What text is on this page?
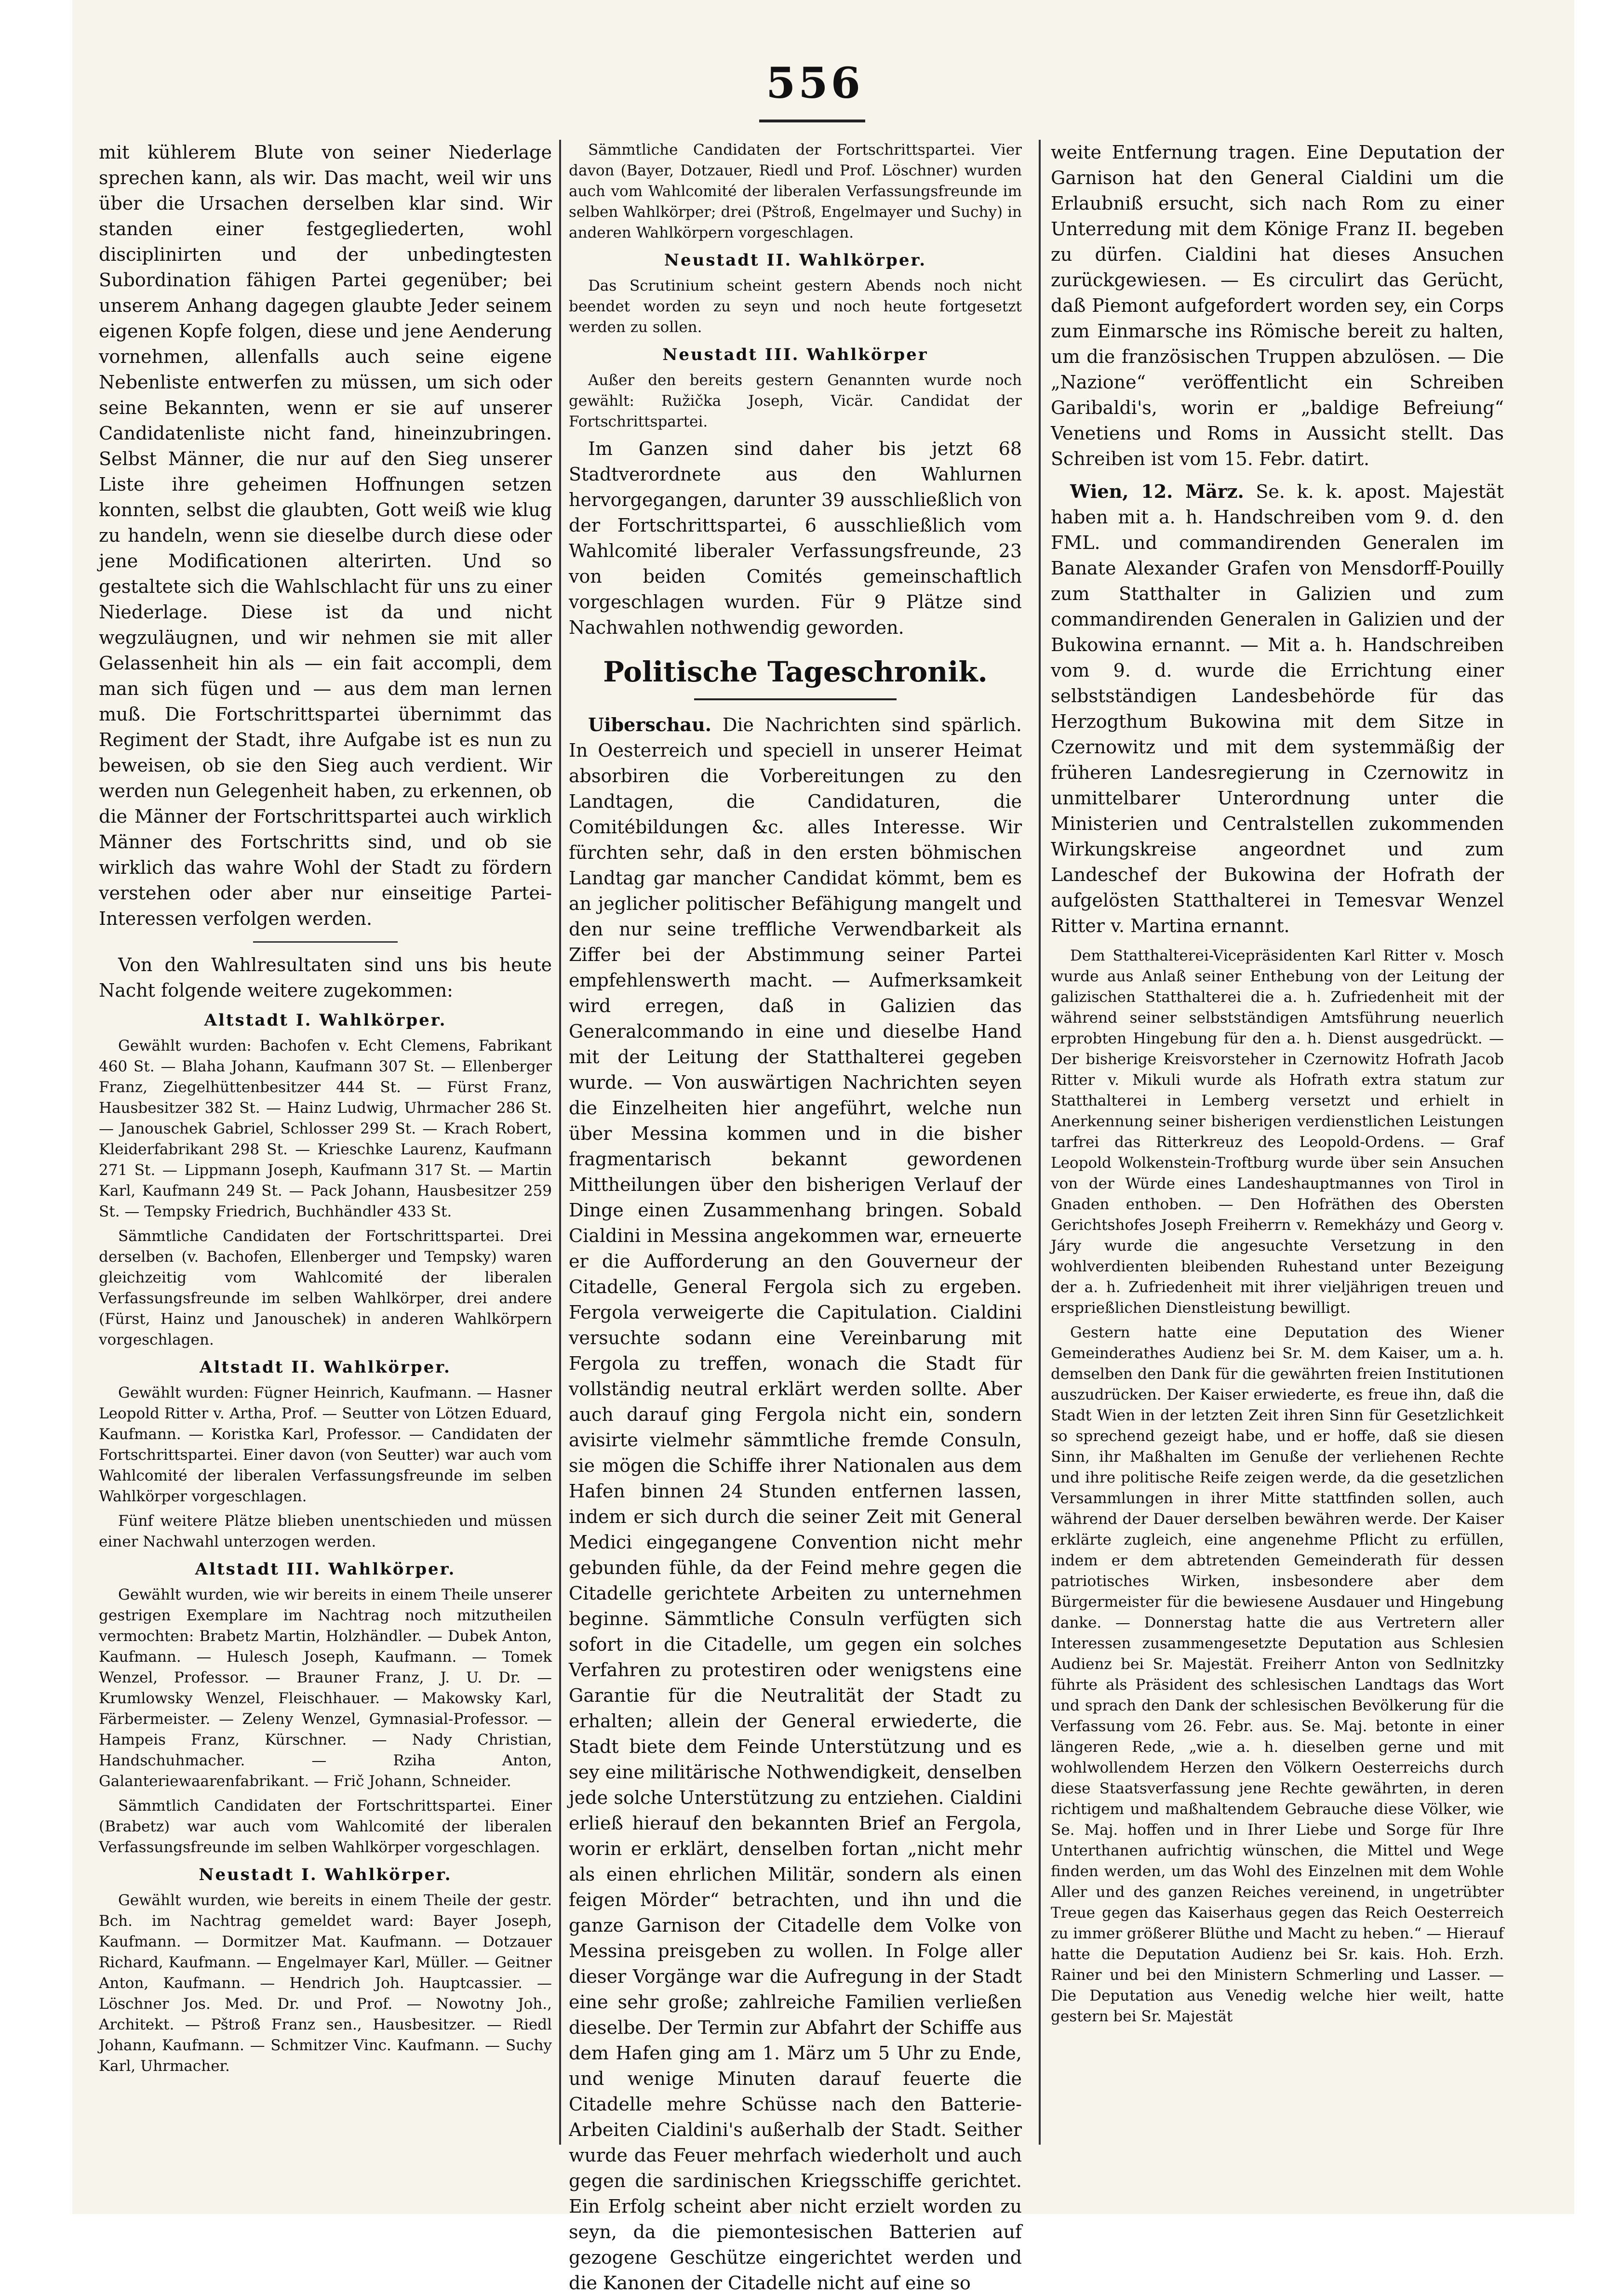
556

mit kühlerem Blute von seiner Niederlage sprechen kann, als wir. Das macht, weil wir uns über die Ursachen derselben klar sind. Wir standen einer festgegliederten, wohl disciplinirten und der unbedingtesten Subordination fähigen Partei gegenüber; bei unserem Anhang dagegen glaubte Jeder seinem eigenen Kopfe folgen, diese und jene Aenderung vornehmen, allenfalls auch seine eigene Nebenliste entwerfen zu müssen, um sich oder seine Bekannten, wenn er sie auf unserer Candidatenliste nicht fand, hineinzubringen. Selbst Männer, die nur auf den Sieg unserer Liste ihre geheimen Hoffnungen setzen konnten, selbst die glaubten, Gott weiß wie klug zu handeln, wenn sie dieselbe durch diese oder jene Modificationen alterirten. Und so gestaltete sich die Wahlschlacht für uns zu einer Niederlage. Diese ist da und nicht wegzuläugnen, und wir nehmen sie mit aller Gelassenheit hin als — ein fait accompli, dem man sich fügen und — aus dem man lernen muß. Die Fortschrittspartei übernimmt das Regiment der Stadt, ihre Aufgabe ist es nun zu beweisen, ob sie den Sieg auch verdient. Wir werden nun Gelegenheit haben, zu erkennen, ob die Männer der Fortschrittspartei auch wirklich Männer des Fortschritts sind, und ob sie wirklich das wahre Wohl der Stadt zu fördern verstehen oder aber nur einseitige Partei-Interessen verfolgen werden.

Von den Wahlresultaten sind uns bis heute Nacht folgende weitere zugekommen:

Altstadt I. Wahlkörper.

Gewählt wurden: Bachofen v. Echt Clemens, Fabrikant 460 St. — Blaha Johann, Kaufmann 307 St. — Ellenberger Franz, Ziegelhüttenbesitzer 444 St. — Fürst Franz, Hausbesitzer 382 St. — Hainz Ludwig, Uhrmacher 286 St. — Janouschek Gabriel, Schlosser 299 St. — Krach Robert, Kleiderfabrikant 298 St. — Krieschke Laurenz, Kaufmann 271 St. — Lippmann Joseph, Kaufmann 317 St. — Martin Karl, Kaufmann 249 St. — Pack Johann, Hausbesitzer 259 St. — Tempsky Friedrich, Buchhändler 433 St.

Sämmtliche Candidaten der Fortschrittspartei. Drei derselben (v. Bachofen, Ellenberger und Tempsky) waren gleichzeitig vom Wahlcomité der liberalen Verfassungsfreunde im selben Wahlkörper, drei andere (Fürst, Hainz und Janouschek) in anderen Wahlkörpern vorgeschlagen.

Altstadt II. Wahlkörper.

Gewählt wurden: Fügner Heinrich, Kaufmann. — Hasner Leopold Ritter v. Artha, Prof. — Seutter von Lötzen Eduard, Kaufmann. — Koristka Karl, Professor. — Candidaten der Fortschrittspartei. Einer davon (von Seutter) war auch vom Wahlcomité der liberalen Verfassungsfreunde im selben Wahlkörper vorgeschlagen.

Fünf weitere Plätze blieben unentschieden und müssen einer Nachwahl unterzogen werden.

Altstadt III. Wahlkörper.

Gewählt wurden, wie wir bereits in einem Theile unserer gestrigen Exemplare im Nachtrag noch mitzutheilen vermochten: Brabetz Martin, Holzhändler. — Dubek Anton, Kaufmann. — Hulesch Joseph, Kaufmann. — Tomek Wenzel, Professor. — Brauner Franz, J. U. Dr. — Krumlowsky Wenzel, Fleischhauer. — Makowsky Karl, Färbermeister. — Zeleny Wenzel, Gymnasial-Professor. — Hampeis Franz, Kürschner. — Nady Christian, Handschuhmacher. — Rziha Anton, Galanteriewaarenfabrikant. — Frič Johann, Schneider.

Sämmtlich Candidaten der Fortschrittspartei. Einer (Brabetz) war auch vom Wahlcomité der liberalen Verfassungsfreunde im selben Wahlkörper vorgeschlagen.

Neustadt I. Wahlkörper.

Gewählt wurden, wie bereits in einem Theile der gestr. Bch. im Nachtrag gemeldet ward: Bayer Joseph, Kaufmann. — Dormitzer Mat. Kaufmann. — Dotzauer Richard, Kaufmann. — Engelmayer Karl, Müller. — Geitner Anton, Kaufmann. — Hendrich Joh. Hauptcassier. — Löschner Jos. Med. Dr. und Prof. — Nowotny Joh., Architekt. — Pštroß Franz sen., Hausbesitzer. — Riedl Johann, Kaufmann. — Schmitzer Vinc. Kaufmann. — Suchy Karl, Uhrmacher.

Sämmtliche Candidaten der Fortschrittspartei. Vier davon (Bayer, Dotzauer, Riedl und Prof. Löschner) wurden auch vom Wahlcomité der liberalen Verfassungsfreunde im selben Wahlkörper; drei (Pštroß, Engelmayer und Suchy) in anderen Wahlkörpern vorgeschlagen.

Neustadt II. Wahlkörper.

Das Scrutinium scheint gestern Abends noch nicht beendet worden zu seyn und noch heute fortgesetzt werden zu sollen.

Neustadt III. Wahlkörper

Außer den bereits gestern Genannten wurde noch gewählt: Ružička Joseph, Vicär. Candidat der Fortschrittspartei.

Im Ganzen sind daher bis jetzt 68 Stadtverordnete aus den Wahlurnen hervorgegangen, darunter 39 ausschließlich von der Fortschrittspartei, 6 ausschließlich vom Wahlcomité liberaler Verfassungsfreunde, 23 von beiden Comités gemeinschaftlich vorgeschlagen wurden. Für 9 Plätze sind Nachwahlen nothwendig geworden.

Politische Tageschronik.

Uiberschau. Die Nachrichten sind spärlich. In Oesterreich und speciell in unserer Heimat absorbiren die Vorbereitungen zu den Landtagen, die Candidaturen, die Comitébildungen &c. alles Interesse. Wir fürchten sehr, daß in den ersten böhmischen Landtag gar mancher Candidat kömmt, bem es an jeglicher politischer Befähigung mangelt und den nur seine treffliche Verwendbarkeit als Ziffer bei der Abstimmung seiner Partei empfehlenswerth macht. — Aufmerksamkeit wird erregen, daß in Galizien das Generalcommando in eine und dieselbe Hand mit der Leitung der Statthalterei gegeben wurde. — Von auswärtigen Nachrichten seyen die Einzelheiten hier angeführt, welche nun über Messina kommen und in die bisher fragmentarisch bekannt gewordenen Mittheilungen über den bisherigen Verlauf der Dinge einen Zusammenhang bringen. Sobald Cialdini in Messina angekommen war, erneuerte er die Aufforderung an den Gouverneur der Citadelle, General Fergola sich zu ergeben. Fergola verweigerte die Capitulation. Cialdini versuchte sodann eine Vereinbarung mit Fergola zu treffen, wonach die Stadt für vollständig neutral erklärt werden sollte. Aber auch darauf ging Fergola nicht ein, sondern avisirte vielmehr sämmtliche fremde Consuln, sie mögen die Schiffe ihrer Nationalen aus dem Hafen binnen 24 Stunden entfernen lassen, indem er sich durch die seiner Zeit mit General Medici eingegangene Convention nicht mehr gebunden fühle, da der Feind mehre gegen die Citadelle gerichtete Arbeiten zu unternehmen beginne. Sämmtliche Consuln verfügten sich sofort in die Citadelle, um gegen ein solches Verfahren zu protestiren oder wenigstens eine Garantie für die Neutralität der Stadt zu erhalten; allein der General erwiederte, die Stadt biete dem Feinde Unterstützung und es sey eine militärische Nothwendigkeit, denselben jede solche Unterstützung zu entziehen. Cialdini erließ hierauf den bekannten Brief an Fergola, worin er erklärt, denselben fortan „nicht mehr als einen ehrlichen Militär, sondern als einen feigen Mörder“ betrachten, und ihn und die ganze Garnison der Citadelle dem Volke von Messina preisgeben zu wollen. In Folge aller dieser Vorgänge war die Aufregung in der Stadt eine sehr große; zahlreiche Familien verließen dieselbe. Der Termin zur Abfahrt der Schiffe aus dem Hafen ging am 1. März um 5 Uhr zu Ende, und wenige Minuten darauf feuerte die Citadelle mehre Schüsse nach den Batterie-Arbeiten Cialdini's außerhalb der Stadt. Seither wurde das Feuer mehrfach wiederholt und auch gegen die sardinischen Kriegsschiffe gerichtet. Ein Erfolg scheint aber nicht erzielt worden zu seyn, da die piemontesischen Batterien auf gezogene Geschütze eingerichtet werden und die Kanonen der Citadelle nicht auf eine so

weite Entfernung tragen. Eine Deputation der Garnison hat den General Cialdini um die Erlaubniß ersucht, sich nach Rom zu einer Unterredung mit dem Könige Franz II. begeben zu dürfen. Cialdini hat dieses Ansuchen zurückgewiesen. — Es circulirt das Gerücht, daß Piemont aufgefordert worden sey, ein Corps zum Einmarsche ins Römische bereit zu halten, um die französischen Truppen abzulösen. — Die „Nazione“ veröffentlicht ein Schreiben Garibaldi's, worin er „baldige Befreiung“ Venetiens und Roms in Aussicht stellt. Das Schreiben ist vom 15. Febr. datirt.

Wien, 12. März. Se. k. k. apost. Majestät haben mit a. h. Handschreiben vom 9. d. den FML. und commandirenden Generalen im Banate Alexander Grafen von Mensdorff-Pouilly zum Statthalter in Galizien und zum commandirenden Generalen in Galizien und der Bukowina ernannt. — Mit a. h. Handschreiben vom 9. d. wurde die Errichtung einer selbstständigen Landesbehörde für das Herzogthum Bukowina mit dem Sitze in Czernowitz und mit dem systemmäßig der früheren Landesregierung in Czernowitz in unmittelbarer Unterordnung unter die Ministerien und Centralstellen zukommenden Wirkungskreise angeordnet und zum Landeschef der Bukowina der Hofrath der aufgelösten Statthalterei in Temesvar Wenzel Ritter v. Martina ernannt.

Dem Statthalterei-Vicepräsidenten Karl Ritter v. Mosch wurde aus Anlaß seiner Enthebung von der Leitung der galizischen Statthalterei die a. h. Zufriedenheit mit der während seiner selbstständigen Amtsführung neuerlich erprobten Hingebung für den a. h. Dienst ausgedrückt. — Der bisherige Kreisvorsteher in Czernowitz Hofrath Jacob Ritter v. Mikuli wurde als Hofrath extra statum zur Statthalterei in Lemberg versetzt und erhielt in Anerkennung seiner bisherigen verdienstlichen Leistungen tarfrei das Ritterkreuz des Leopold-Ordens. — Graf Leopold Wolkenstein-Troftburg wurde über sein Ansuchen von der Würde eines Landeshauptmannes von Tirol in Gnaden enthoben. — Den Hofräthen des Obersten Gerichtshofes Joseph Freiherrn v. Remekházy und Georg v. Járy wurde die angesuchte Versetzung in den wohlverdienten bleibenden Ruhestand unter Bezeigung der a. h. Zufriedenheit mit ihrer vieljährigen treuen und ersprießlichen Dienstleistung bewilligt.

Gestern hatte eine Deputation des Wiener Gemeinderathes Audienz bei Sr. M. dem Kaiser, um a. h. demselben den Dank für die gewährten freien Institutionen auszudrücken. Der Kaiser erwiederte, es freue ihn, daß die Stadt Wien in der letzten Zeit ihren Sinn für Gesetzlichkeit so sprechend gezeigt habe, und er hoffe, daß sie diesen Sinn, ihr Maßhalten im Genuße der verliehenen Rechte und ihre politische Reife zeigen werde, da die gesetzlichen Versammlungen in ihrer Mitte stattfinden sollen, auch während der Dauer derselben bewähren werde. Der Kaiser erklärte zugleich, eine angenehme Pflicht zu erfüllen, indem er dem abtretenden Gemeinderath für dessen patriotisches Wirken, insbesondere aber dem Bürgermeister für die bewiesene Ausdauer und Hingebung danke. — Donnerstag hatte die aus Vertretern aller Interessen zusammengesetzte Deputation aus Schlesien Audienz bei Sr. Majestät. Freiherr Anton von Sedlnitzky führte als Präsident des schlesischen Landtags das Wort und sprach den Dank der schlesischen Bevölkerung für die Verfassung vom 26. Febr. aus. Se. Maj. betonte in einer längeren Rede, „wie a. h. dieselben gerne und mit wohlwollendem Herzen den Völkern Oesterreichs durch diese Staatsverfassung jene Rechte gewährten, in deren richtigem und maßhaltendem Gebrauche diese Völker, wie Se. Maj. hoffen und in Ihrer Liebe und Sorge für Ihre Unterthanen aufrichtig wünschen, die Mittel und Wege finden werden, um das Wohl des Einzelnen mit dem Wohle Aller und des ganzen Reiches vereinend, in ungetrübter Treue gegen das Kaiserhaus gegen das Reich Oesterreich zu immer größerer Blüthe und Macht zu heben.“ — Hierauf hatte die Deputation Audienz bei Sr. kais. Hoh. Erzh. Rainer und bei den Ministern Schmerling und Lasser. — Die Deputation aus Venedig welche hier weilt, hatte gestern bei Sr. Majestät
